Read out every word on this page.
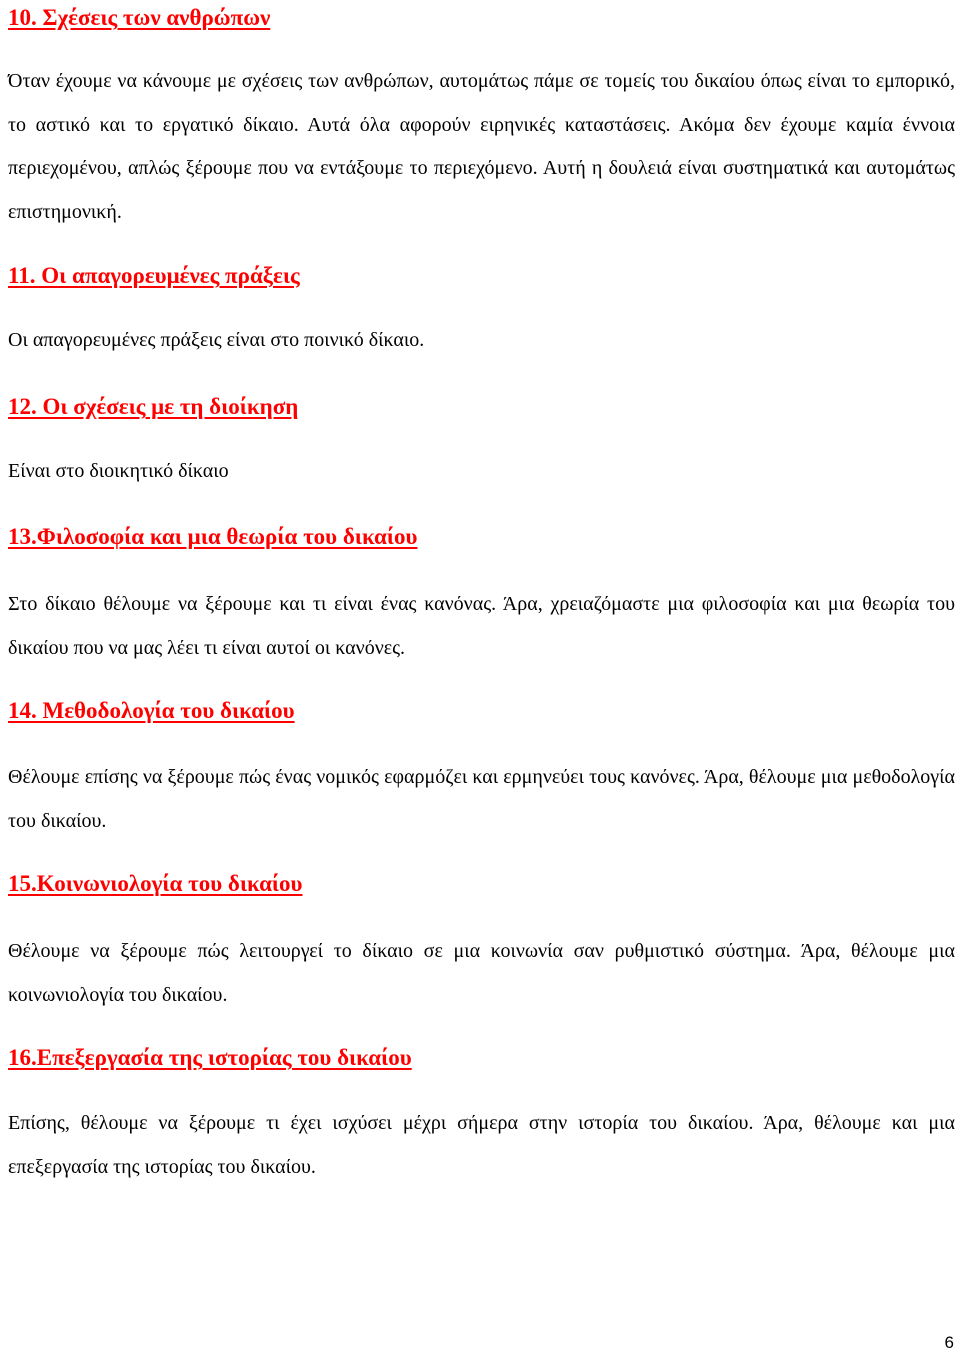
10. Σχέσεις των ανθρώπων

Όταν έχουμε να κάνουμε με σχέσεις των ανθρώπων, αυτομάτως πάμε σε τομείς του δικαίου όπως είναι το εμπορικό, το αστικό και το εργατικό δίκαιο. Αυτά όλα αφορούν ειρηνικές καταστάσεις. Ακόμα δεν έχουμε καμία έννοια περιεχομένου, απλώς ξέρουμε που να εντάξουμε το περιεχόμενο. Αυτή η δουλειά είναι συστηματικά και αυτομάτως επιστημονική.

11. Οι απαγορευμένες πράξεις

Οι απαγορευμένες πράξεις είναι στο ποινικό δίκαιο.

12. Οι σχέσεις με τη διοίκηση

Είναι στο διοικητικό δίκαιο

13.Φιλοσοφία και μια θεωρία του δικαίου

Στο δίκαιο θέλουμε να ξέρουμε και τι είναι ένας κανόνας. Άρα, χρειαζόμαστε μια φιλοσοφία και μια θεωρία του δικαίου που να μας λέει τι είναι αυτοί οι κανόνες.

14. Μεθοδολογία του δικαίου

Θέλουμε επίσης να ξέρουμε πώς ένας νομικός εφαρμόζει και ερμηνεύει τους κανόνες. Άρα, θέλουμε μια μεθοδολογία του δικαίου.

15.Κοινωνιολογία του δικαίου

Θέλουμε να ξέρουμε πώς λειτουργεί το δίκαιο σε μια κοινωνία σαν ρυθμιστικό σύστημα. Άρα, θέλουμε μια κοινωνιολογία του δικαίου.

16.Επεξεργασία της ιστορίας του δικαίου

Επίσης, θέλουμε να ξέρουμε τι έχει ισχύσει μέχρι σήμερα στην ιστορία του δικαίου. Άρα, θέλουμε και μια επεξεργασία της ιστορίας του δικαίου.

6
